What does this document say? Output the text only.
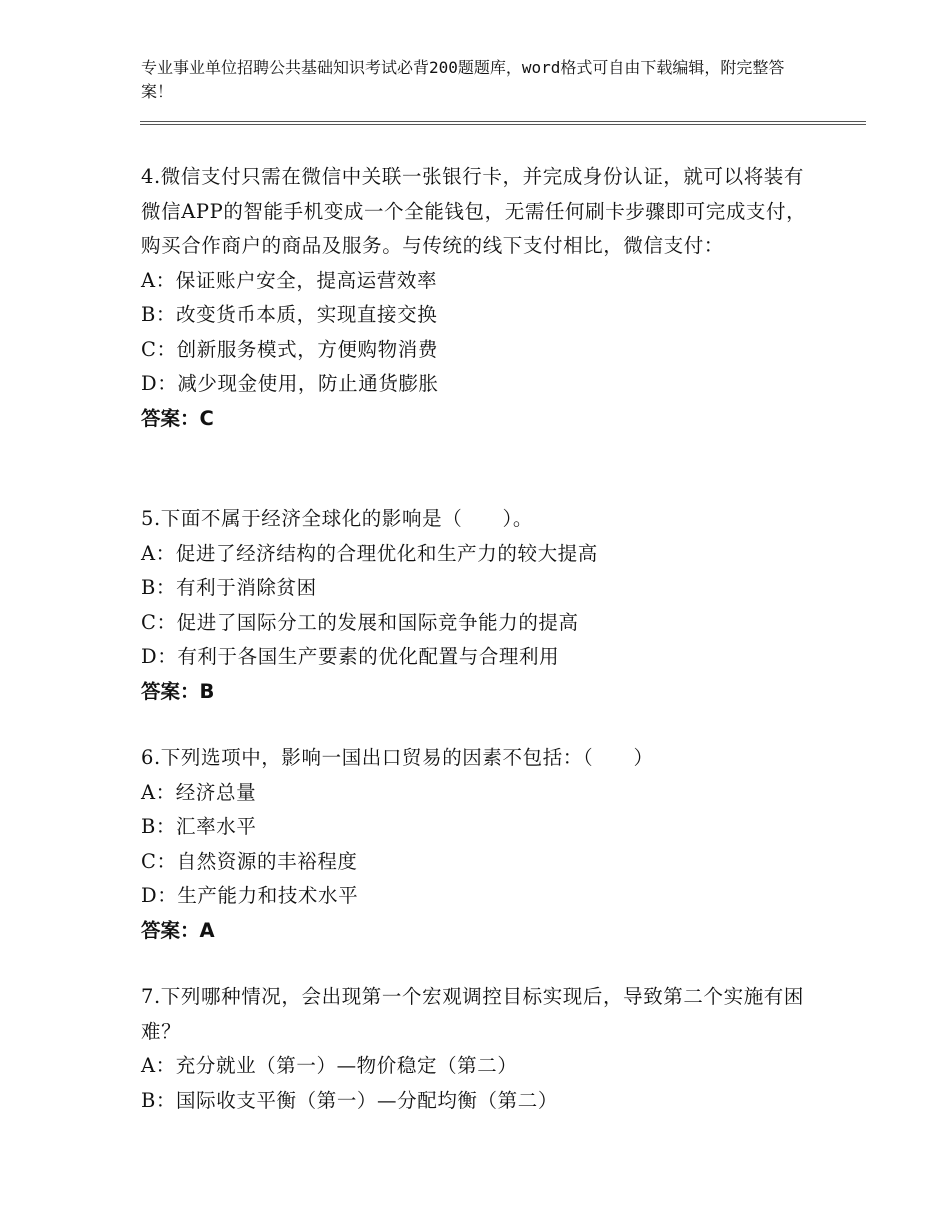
专业事业单位招聘公共基础知识考试必背200题题库，word格式可自由下载编辑，附完整答案！

4.微信支付只需在微信中关联一张银行卡，并完成身份认证，就可以将装有微信APP的智能手机变成一个全能钱包，无需任何刷卡步骤即可完成支付，购买合作商户的商品及服务。与传统的线下支付相比，微信支付：

A：保证账户安全，提高运营效率

B：改变货币本质，实现直接交换

C：创新服务模式，方便购物消费

D：减少现金使用，防止通货膨胀

答案：C

5.下面不属于经济全球化的影响是（　　）。

A：促进了经济结构的合理优化和生产力的较大提高

B：有利于消除贫困

C：促进了国际分工的发展和国际竞争能力的提高

D：有利于各国生产要素的优化配置与合理利用

答案：B

6.下列选项中，影响一国出口贸易的因素不包括：（　　）

A：经济总量

B：汇率水平

C：自然资源的丰裕程度

D：生产能力和技术水平

答案：A

7.下列哪种情况，会出现第一个宏观调控目标实现后，导致第二个实施有困难？

A：充分就业（第一）—物价稳定（第二）

B：国际收支平衡（第一）—分配均衡（第二）
